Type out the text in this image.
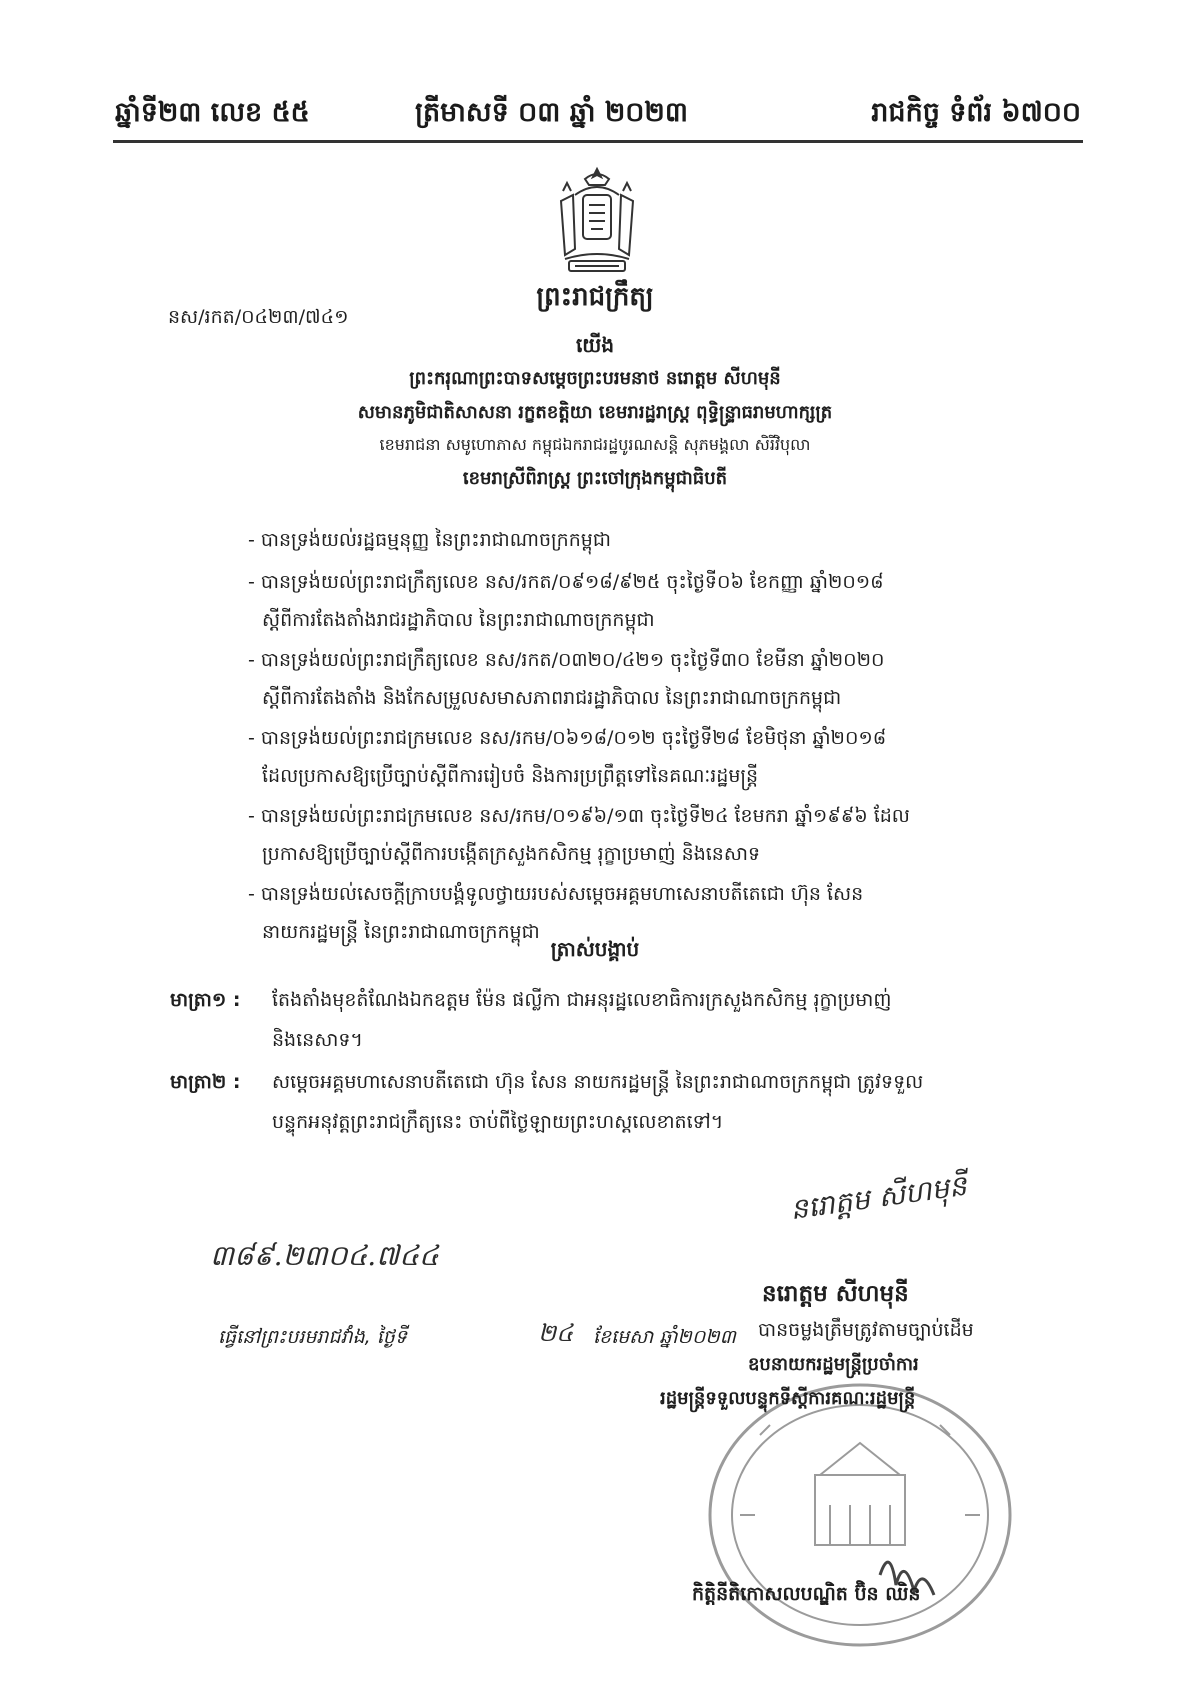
ឆ្នាំទី២៣ លេខ ៥៥	ត្រីមាសទី ០៣ ឆ្នាំ ២០២៣	រាជកិច្ច ទំព័រ ៦៧០០
ព្រះរាជក្រឹត្យ
នស/រកត/០៤២៣/៧៤១
យើង
ព្រះករុណាព្រះបាទសម្តេចព្រះបរមនាថ នរោត្តម សីហមុនី
សមានភូមិជាតិសាសនា រក្ខតខត្តិយា ខេមរារដ្ឋរាស្ត្រ ពុទ្ធិន្ទ្រាធរាមហាក្សត្រ
ខេមរាជនា សមូហោភាស កម្ពុជឯករាជរដ្ឋបូរណសន្តិ សុភមង្គលា សិរីវិបុលា
ខេមរាស្រីពិរាស្ត្រ ព្រះចៅក្រុងកម្ពុជាធិបតី
- បានទ្រង់យល់រដ្ឋធម្មនុញ្ញ នៃព្រះរាជាណាចក្រកម្ពុជា
- បានទ្រង់យល់ព្រះរាជក្រឹត្យលេខ នស/រកត/០៩១៨/៩២៥ ចុះថ្ងៃទី០៦ ខែកញ្ញា ឆ្នាំ២០១៨
ស្តីពីការតែងតាំងរាជរដ្ឋាភិបាល នៃព្រះរាជាណាចក្រកម្ពុជា
- បានទ្រង់យល់ព្រះរាជក្រឹត្យលេខ នស/រកត/០៣២០/៤២១ ចុះថ្ងៃទី៣០ ខែមីនា ឆ្នាំ២០២០
ស្តីពីការតែងតាំង និងកែសម្រួលសមាសភាពរាជរដ្ឋាភិបាល នៃព្រះរាជាណាចក្រកម្ពុជា
- បានទ្រង់យល់ព្រះរាជក្រមលេខ នស/រកម/០៦១៨/០១២ ចុះថ្ងៃទី២៨ ខែមិថុនា ឆ្នាំ២០១៨
ដែលប្រកាសឱ្យប្រើច្បាប់ស្តីពីការរៀបចំ និងការប្រព្រឹត្តទៅនៃគណៈរដ្ឋមន្ត្រី
- បានទ្រង់យល់ព្រះរាជក្រមលេខ នស/រកម/០១៩៦/១៣ ចុះថ្ងៃទី២៤ ខែមករា ឆ្នាំ១៩៩៦ ដែល
ប្រកាសឱ្យប្រើច្បាប់ស្តីពីការបង្កើតក្រសួងកសិកម្ម រុក្ខាប្រមាញ់ និងនេសាទ
- បានទ្រង់យល់សេចក្តីក្រាបបង្គំទូលថ្វាយរបស់សម្តេចអគ្គមហាសេនាបតីតេជោ ហ៊ុន សែន
នាយករដ្ឋមន្ត្រី នៃព្រះរាជាណាចក្រកម្ពុជា
ត្រាស់បង្គាប់
មាត្រា១ : តែងតាំងមុខតំណែងឯកឧត្តម ម៉ែន ផល្លីកា ជាអនុរដ្ឋលេខាធិការក្រសួងកសិកម្ម រុក្ខាប្រមាញ់
និងនេសាទ។
មាត្រា២ : សម្តេចអគ្គមហាសេនាបតីតេជោ ហ៊ុន សែន នាយករដ្ឋមន្ត្រី នៃព្រះរាជាណាចក្រកម្ពុជា ត្រូវទទួល
បន្ទុកអនុវត្តព្រះរាជក្រឹត្យនេះ ចាប់ពីថ្ងៃឡាយព្រះហស្តលេខាតទៅ។
៣៨៩.២៣០៤.៧៤៤
នរោត្តម សីហមុនី
ធ្វើនៅព្រះបរមរាជវាំង, ថ្ងៃទី	២៤ ខែមេសា ឆ្នាំ២០២៣
នរោត្តម សីហមុនី
បានចម្លងត្រឹមត្រូវតាមច្បាប់ដើម
ឧបនាយករដ្ឋមន្ត្រីប្រចាំការ
រដ្ឋមន្ត្រីទទួលបន្ទុកទីស្តីការគណៈរដ្ឋមន្ត្រី
កិត្តិនីតិកោសលបណ្ឌិត ប៊ិន ឈិន
